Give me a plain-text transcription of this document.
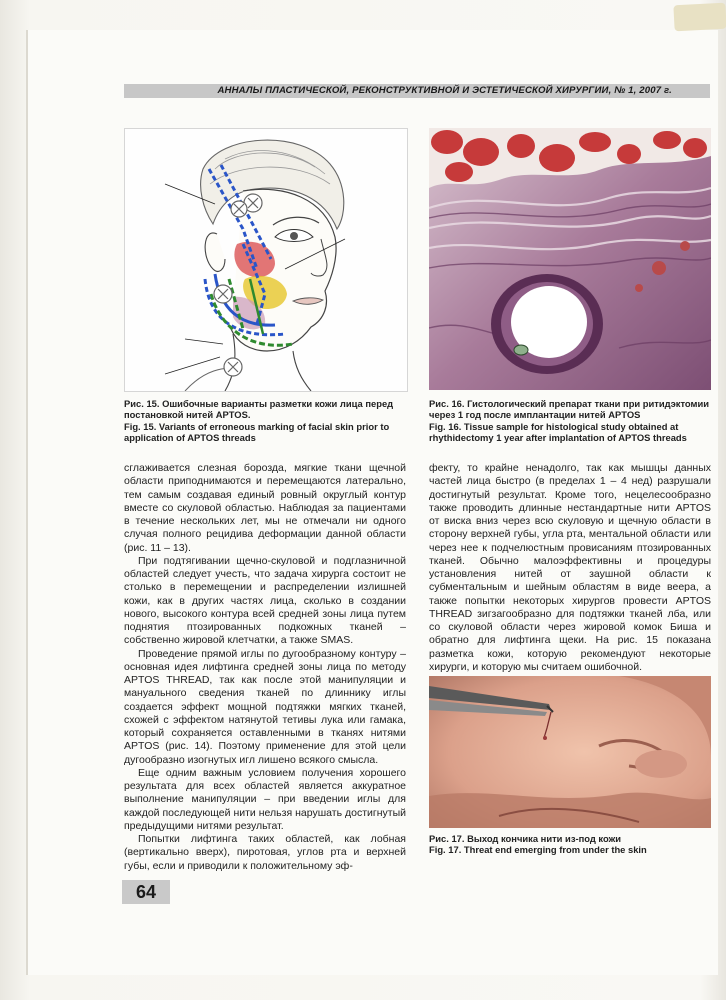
АННАЛЫ ПЛАСТИЧЕСКОЙ, РЕКОНСТРУКТИВНОЙ И ЭСТЕТИЧЕСКОЙ ХИРУРГИИ, № 1, 2007 г.

Рис. 15. Ошибочные варианты разметки кожи лица перед постановкой нитей APTOS.
Fig. 15. Variants of erroneous marking of facial skin prior to application of APTOS threads

Рис. 16. Гистологический препарат ткани при ритидэктомии через 1 год после имплантации нитей APTOS
Fig. 16. Tissue sample for histological study obtained at rhythidectomy 1 year after implantation of APTOS threads

сглаживается слезная борозда, мягкие ткани щечной области приподнимаются и перемещаются латерально, тем самым создавая единый ровный округлый контур вместе со скуловой областью. Наблюдая за пациентами в течение нескольких лет, мы не отмечали ни одного случая полного рецидива деформации данной области (рис. 11 – 13).

При подтягивании щечно-скуловой и подглазничной областей следует учесть, что задача хирурга состоит не столько в перемещении и распределении излишней кожи, как в других частях лица, сколько в создании нового, высокого контура всей средней зоны лица путем поднятия птозированных подкожных тканей – собственно жировой клетчатки, а также SMAS.

Проведение прямой иглы по дугообразному контуру – основная идея лифтинга средней зоны лица по методу APTOS THREAD, так как после этой манипуляции и мануального сведения тканей по длиннику иглы создается эффект мощной подтяжки мягких тканей, схожей с эффектом натянутой тетивы лука или гамака, который сохраняется оставленными в тканях нитями APTOS (рис. 14). Поэтому применение для этой цели дугообразно изогнутых игл лишено всякого смысла.

Еще одним важным условием получения хорошего результата для всех областей является аккуратное выполнение манипуляции – при введении иглы для каждой последующей нити нельзя нарушать достигнутый предыдущими нитями результат.

Попытки лифтинга таких областей, как лобная (вертикально вверх), пиротовая, углов рта и верхней губы, если и приводили к положительному эф-

фекту, то крайне ненадолго, так как мышцы данных частей лица быстро (в пределах 1 – 4 нед) разрушали достигнутый результат. Кроме того, нецелесообразно также проводить длинные нестандартные нити APTOS от виска вниз через всю скуловую и щечную области в сторону верхней губы, угла рта, ментальной области или через нее к подчелюстным провисаниям птозированных тканей. Обычно малоэффективны и процедуры установления нитей от заушной области к субментальным и шейным областям в виде веера, а также попытки некоторых хирургов провести APTOS THREAD зигзагообразно для подтяжки тканей лба, или со скуловой области через жировой комок Биша и обратно для лифтинга щеки. На рис. 15 показана разметка кожи, которую рекомендуют некоторые хирурги, и которую мы считаем ошибочной.

Рис. 17. Выход кончика нити из-под кожи
Fig. 17. Threat end emerging from under the skin

64
